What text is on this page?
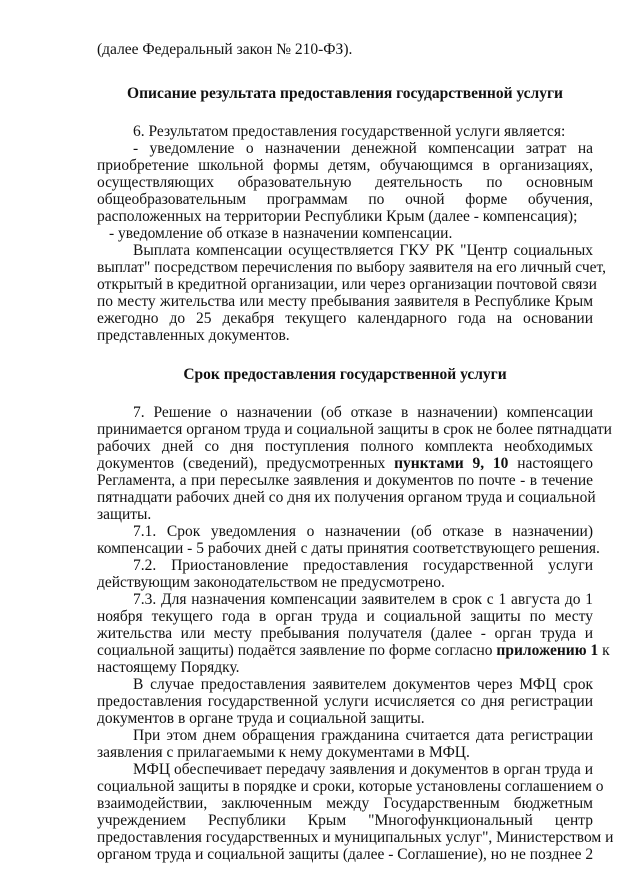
(далее Федеральный закон № 210-ФЗ).
Описание результата предоставления государственной услуги
6. Результатом предоставления государственной услуги является:
- уведомление о назначении денежной компенсации затрат на
приобретение школьной формы детям, обучающимся в организациях,
осуществляющих образовательную деятельность по основным
общеобразовательным программам по очной форме обучения,
расположенных на территории Республики Крым (далее - компенсация);
- уведомление об отказе в назначении компенсации.
Выплата компенсации осуществляется ГКУ РК "Центр социальных
выплат" посредством перечисления по выбору заявителя на его личный счет,
открытый в кредитной организации, или через организации почтовой связи
по месту жительства или месту пребывания заявителя в Республике Крым
ежегодно до 25 декабря текущего календарного года на основании
представленных документов.
Срок предоставления государственной услуги
7. Решение о назначении (об отказе в назначении) компенсации
принимается органом труда и социальной защиты в срок не более пятнадцати
рабочих дней со дня поступления полного комплекта необходимых
документов (сведений), предусмотренных пунктами 9, 10 настоящего
Регламента, а при пересылке заявления и документов по почте - в течение
пятнадцати рабочих дней со дня их получения органом труда и социальной
защиты.
7.1. Срок уведомления о назначении (об отказе в назначении)
компенсации - 5 рабочих дней с даты принятия соответствующего решения.
7.2. Приостановление предоставления государственной услуги
действующим законодательством не предусмотрено.
7.3. Для назначения компенсации заявителем в срок с 1 августа до 1
ноября текущего года в орган труда и социальной защиты по месту
жительства или месту пребывания получателя (далее - орган труда и
социальной защиты) подаётся заявление по форме согласно приложению 1 к
настоящему Порядку.
В случае предоставления заявителем документов через МФЦ срок
предоставления государственной услуги исчисляется со дня регистрации
документов в органе труда и социальной защиты.
При этом днем обращения гражданина считается дата регистрации
заявления с прилагаемыми к нему документами в МФЦ.
МФЦ обеспечивает передачу заявления и документов в орган труда и
социальной защиты в порядке и сроки, которые установлены соглашением о
взаимодействии, заключенным между Государственным бюджетным
учреждением Республики Крым "Многофункциональный центр
предоставления государственных и муниципальных услуг", Министерством и
органом труда и социальной защиты (далее - Соглашение), но не позднее 2
